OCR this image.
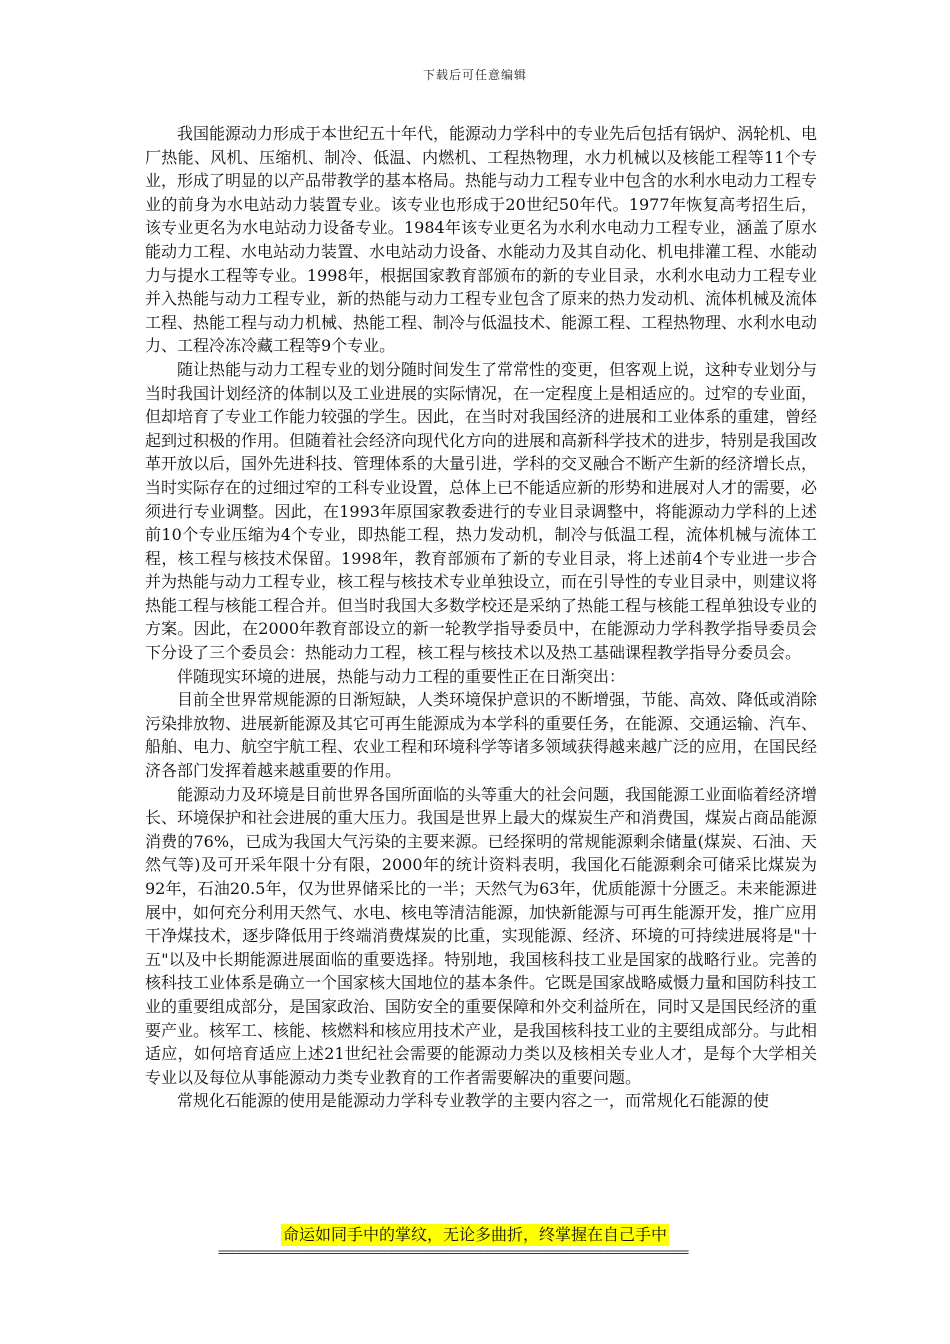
下载后可任意编辑

我国能源动力形成于本世纪五十年代，能源动力学科中的专业先后包括有锅炉、涡轮机、电厂热能、风机、压缩机、制冷、低温、内燃机、工程热物理，水力机械以及核能工程等11个专业，形成了明显的以产品带教学的基本格局。热能与动力工程专业中包含的水利水电动力工程专业的前身为水电站动力装置专业。该专业也形成于20世纪50年代。1977年恢复高考招生后，该专业更名为水电站动力设备专业。1984年该专业更名为水利水电动力工程专业，涵盖了原水能动力工程、水电站动力装置、水电站动力设备、水能动力及其自动化、机电排灌工程、水能动力与提水工程等专业。1998年，根据国家教育部颁布的新的专业目录，水利水电动力工程专业并入热能与动力工程专业，新的热能与动力工程专业包含了原来的热力发动机、流体机械及流体工程、热能工程与动力机械、热能工程、制冷与低温技术、能源工程、工程热物理、水利水电动力、工程冷冻冷藏工程等9个专业。

随让热能与动力工程专业的划分随时间发生了常常性的变更，但客观上说，这种专业划分与当时我国计划经济的体制以及工业进展的实际情况，在一定程度上是相适应的。过窄的专业面，但却培育了专业工作能力较强的学生。因此，在当时对我国经济的进展和工业体系的重建，曾经起到过积极的作用。但随着社会经济向现代化方向的进展和高新科学技术的进步，特别是我国改革开放以后，国外先进科技、管理体系的大量引进，学科的交叉融合不断产生新的经济增长点，当时实际存在的过细过窄的工科专业设置，总体上已不能适应新的形势和进展对人才的需要，必须进行专业调整。因此，在1993年原国家教委进行的专业目录调整中，将能源动力学科的上述前10个专业压缩为4个专业，即热能工程，热力发动机，制冷与低温工程，流体机械与流体工程，核工程与核技术保留。1998年，教育部颁布了新的专业目录，将上述前4个专业进一步合并为热能与动力工程专业，核工程与核技术专业单独设立，而在引导性的专业目录中，则建议将热能工程与核能工程合并。但当时我国大多数学校还是采纳了热能工程与核能工程单独设专业的方案。因此，在2000年教育部设立的新一轮教学指导委员中，在能源动力学科教学指导委员会下分设了三个委员会：热能动力工程，核工程与核技术以及热工基础课程教学指导分委员会。

伴随现实环境的进展，热能与动力工程的重要性正在日渐突出：

目前全世界常规能源的日渐短缺，人类环境保护意识的不断增强，节能、高效、降低或消除污染排放物、进展新能源及其它可再生能源成为本学科的重要任务，在能源、交通运输、汽车、船舶、电力、航空宇航工程、农业工程和环境科学等诸多领域获得越来越广泛的应用，在国民经济各部门发挥着越来越重要的作用。

能源动力及环境是目前世界各国所面临的头等重大的社会问题，我国能源工业面临着经济增长、环境保护和社会进展的重大压力。我国是世界上最大的煤炭生产和消费国，煤炭占商品能源消费的76%，已成为我国大气污染的主要来源。已经探明的常规能源剩余储量(煤炭、石油、天然气等)及可开采年限十分有限，2000年的统计资料表明，我国化石能源剩余可储采比煤炭为92年，石油20.5年，仅为世界储采比的一半；天然气为63年，优质能源十分匮乏。未来能源进展中，如何充分利用天然气、水电、核电等清洁能源，加快新能源与可再生能源开发，推广应用干净煤技术，逐步降低用于终端消费煤炭的比重，实现能源、经济、环境的可持续进展将是"十五"以及中长期能源进展面临的重要选择。特别地，我国核科技工业是国家的战略行业。完善的核科技工业体系是确立一个国家核大国地位的基本条件。它既是国家战略威慑力量和国防科技工业的重要组成部分，是国家政治、国防安全的重要保障和外交利益所在，同时又是国民经济的重要产业。核军工、核能、核燃料和核应用技术产业，是我国核科技工业的主要组成部分。与此相适应，如何培育适应上述21世纪社会需要的能源动力类以及核相关专业人才，是每个大学相关专业以及每位从事能源动力类专业教育的工作者需要解决的重要问题。

常规化石能源的使用是能源动力学科专业教学的主要内容之一，而常规化石能源的使

命运如同手中的掌纹，无论多曲折，终掌握在自己手中
==============================================================================
